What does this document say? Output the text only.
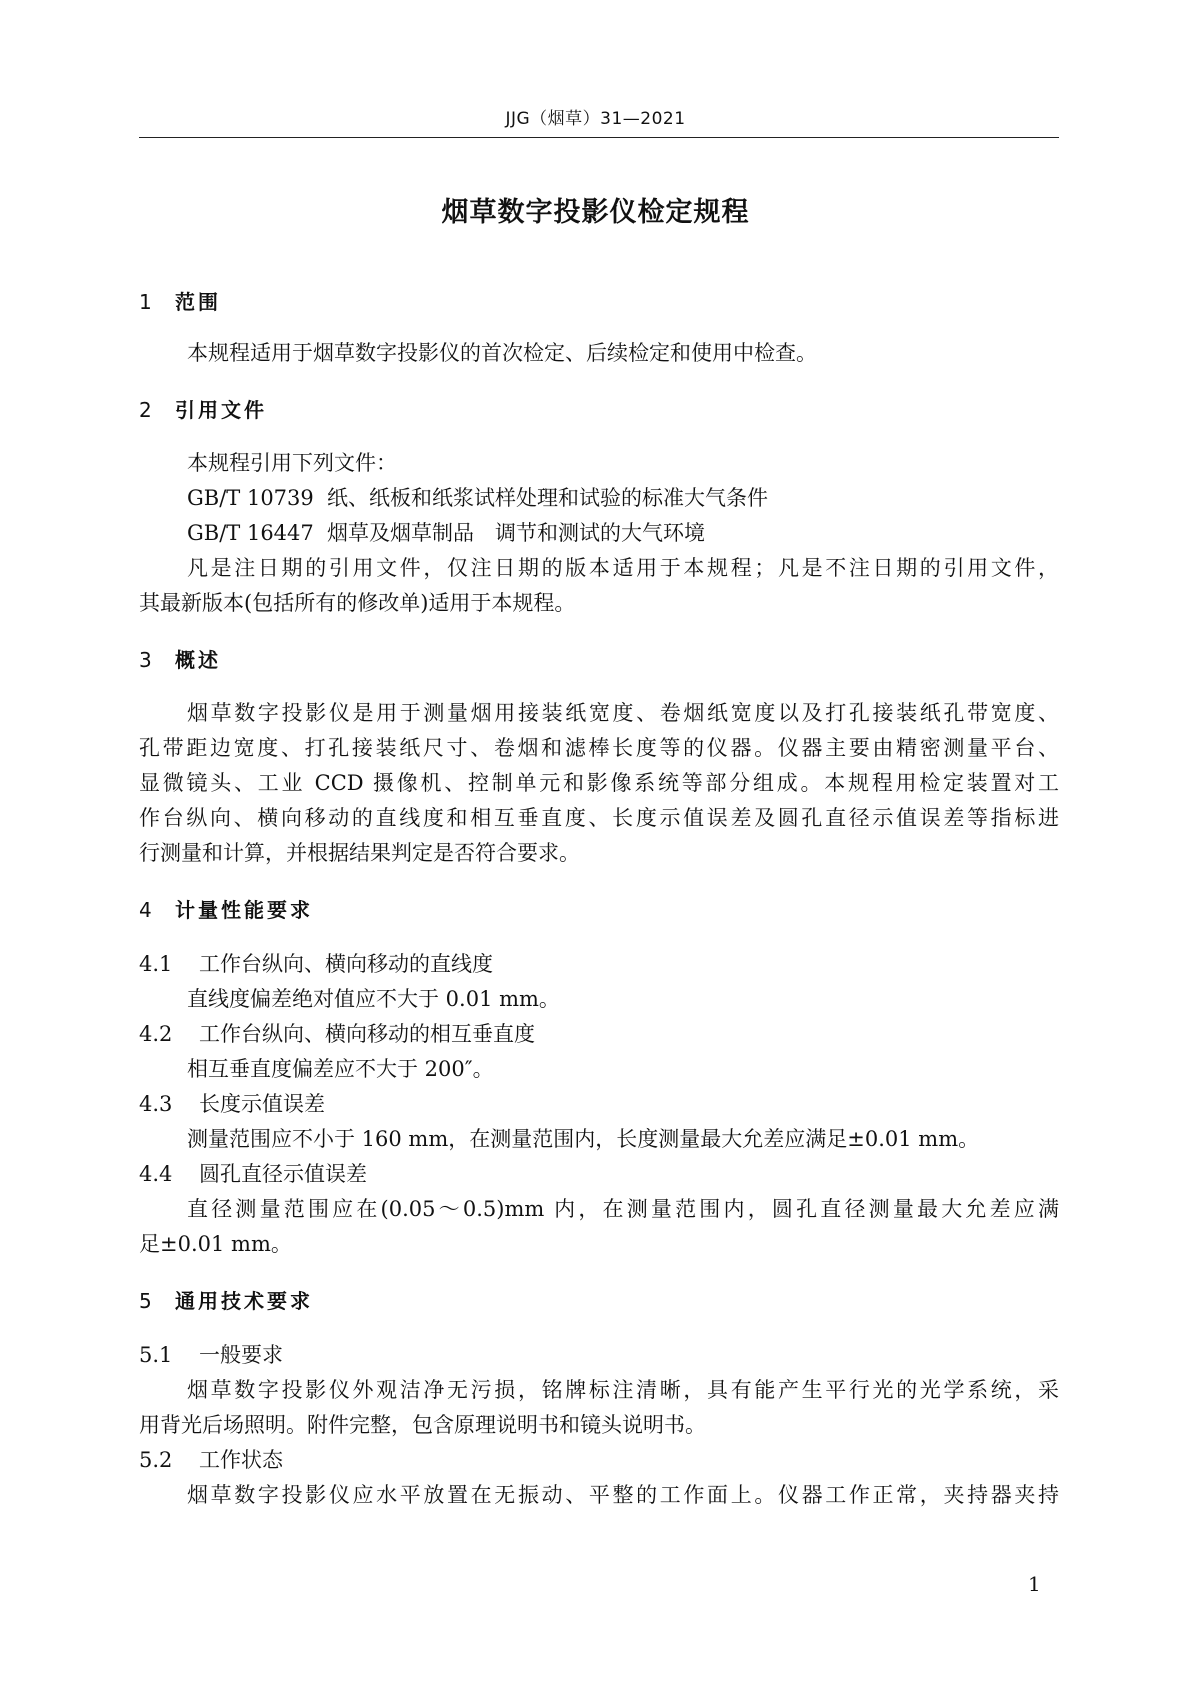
JJG（烟草）31—2021
烟草数字投影仪检定规程
1 范围
本规程适用于烟草数字投影仪的首次检定、后续检定和使用中检查。
2 引用文件
本规程引用下列文件：
GB/T 10739 纸、纸板和纸浆试样处理和试验的标准大气条件
GB/T 16447 烟草及烟草制品　调节和测试的大气环境
凡是注日期的引用文件，仅注日期的版本适用于本规程；凡是不注日期的引用文件，
其最新版本(包括所有的修改单)适用于本规程。
3 概述
烟草数字投影仪是用于测量烟用接装纸宽度、卷烟纸宽度以及打孔接装纸孔带宽度、
孔带距边宽度、打孔接装纸尺寸、卷烟和滤棒长度等的仪器。仪器主要由精密测量平台、
显微镜头、工业 CCD 摄像机、控制单元和影像系统等部分组成。本规程用检定装置对工
作台纵向、横向移动的直线度和相互垂直度、长度示值误差及圆孔直径示值误差等指标进
行测量和计算，并根据结果判定是否符合要求。
4 计量性能要求
4.1 工作台纵向、横向移动的直线度
直线度偏差绝对值应不大于 0.01 mm。
4.2 工作台纵向、横向移动的相互垂直度
相互垂直度偏差应不大于 200″。
4.3 长度示值误差
测量范围应不小于 160 mm，在测量范围内，长度测量最大允差应满足±0.01 mm。
4.4 圆孔直径示值误差
直径测量范围应在(0.05～0.5)mm 内，在测量范围内，圆孔直径测量最大允差应满
足±0.01 mm。
5 通用技术要求
5.1 一般要求
烟草数字投影仪外观洁净无污损，铭牌标注清晰，具有能产生平行光的光学系统，采
用背光后场照明。附件完整，包含原理说明书和镜头说明书。
5.2 工作状态
烟草数字投影仪应水平放置在无振动、平整的工作面上。仪器工作正常，夹持器夹持
1
